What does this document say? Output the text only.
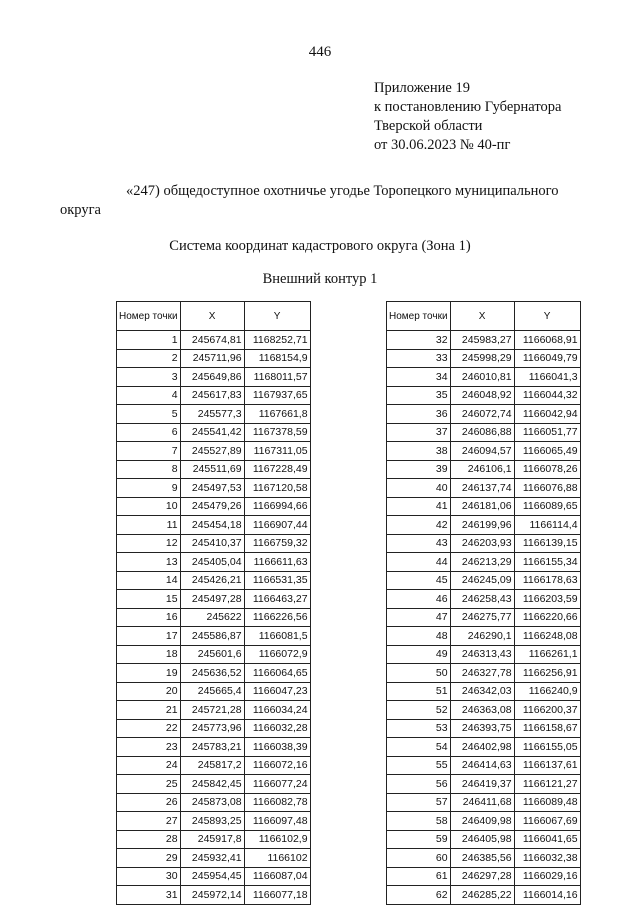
446
Приложение 19
к постановлению Губернатора
Тверской области
от 30.06.2023 № 40-пг
«247) общедоступное охотничье угодье Торопецкого муниципального округа
Система координат кадастрового округа (Зона 1)
Внешний контур 1
Номер точки	X	Y
1	245674,81	1168252,71
2	245711,96	1168154,9
3	245649,86	1168011,57
4	245617,83	1167937,65
5	245577,3	1167661,8
6	245541,42	1167378,59
7	245527,89	1167311,05
8	245511,69	1167228,49
9	245497,53	1167120,58
10	245479,26	1166994,66
11	245454,18	1166907,44
12	245410,37	1166759,32
13	245405,04	1166611,63
14	245426,21	1166531,35
15	245497,28	1166463,27
16	245622	1166226,56
17	245586,87	1166081,5
18	245601,6	1166072,9
19	245636,52	1166064,65
20	245665,4	1166047,23
21	245721,28	1166034,24
22	245773,96	1166032,28
23	245783,21	1166038,39
24	245817,2	1166072,16
25	245842,45	1166077,24
26	245873,08	1166082,78
27	245893,25	1166097,48
28	245917,8	1166102,9
29	245932,41	1166102
30	245954,45	1166087,04
31	245972,14	1166077,18
Номер точки	X	Y
32	245983,27	1166068,91
33	245998,29	1166049,79
34	246010,81	1166041,3
35	246048,92	1166044,32
36	246072,74	1166042,94
37	246086,88	1166051,77
38	246094,57	1166065,49
39	246106,1	1166078,26
40	246137,74	1166076,88
41	246181,06	1166089,65
42	246199,96	1166114,4
43	246203,93	1166139,15
44	246213,29	1166155,34
45	246245,09	1166178,63
46	246258,43	1166203,59
47	246275,77	1166220,66
48	246290,1	1166248,08
49	246313,43	1166261,1
50	246327,78	1166256,91
51	246342,03	1166240,9
52	246363,08	1166200,37
53	246393,75	1166158,67
54	246402,98	1166155,05
55	246414,63	1166137,61
56	246419,37	1166121,27
57	246411,68	1166089,48
58	246409,98	1166067,69
59	246405,98	1166041,65
60	246385,56	1166032,38
61	246297,28	1166029,16
62	246285,22	1166014,16
